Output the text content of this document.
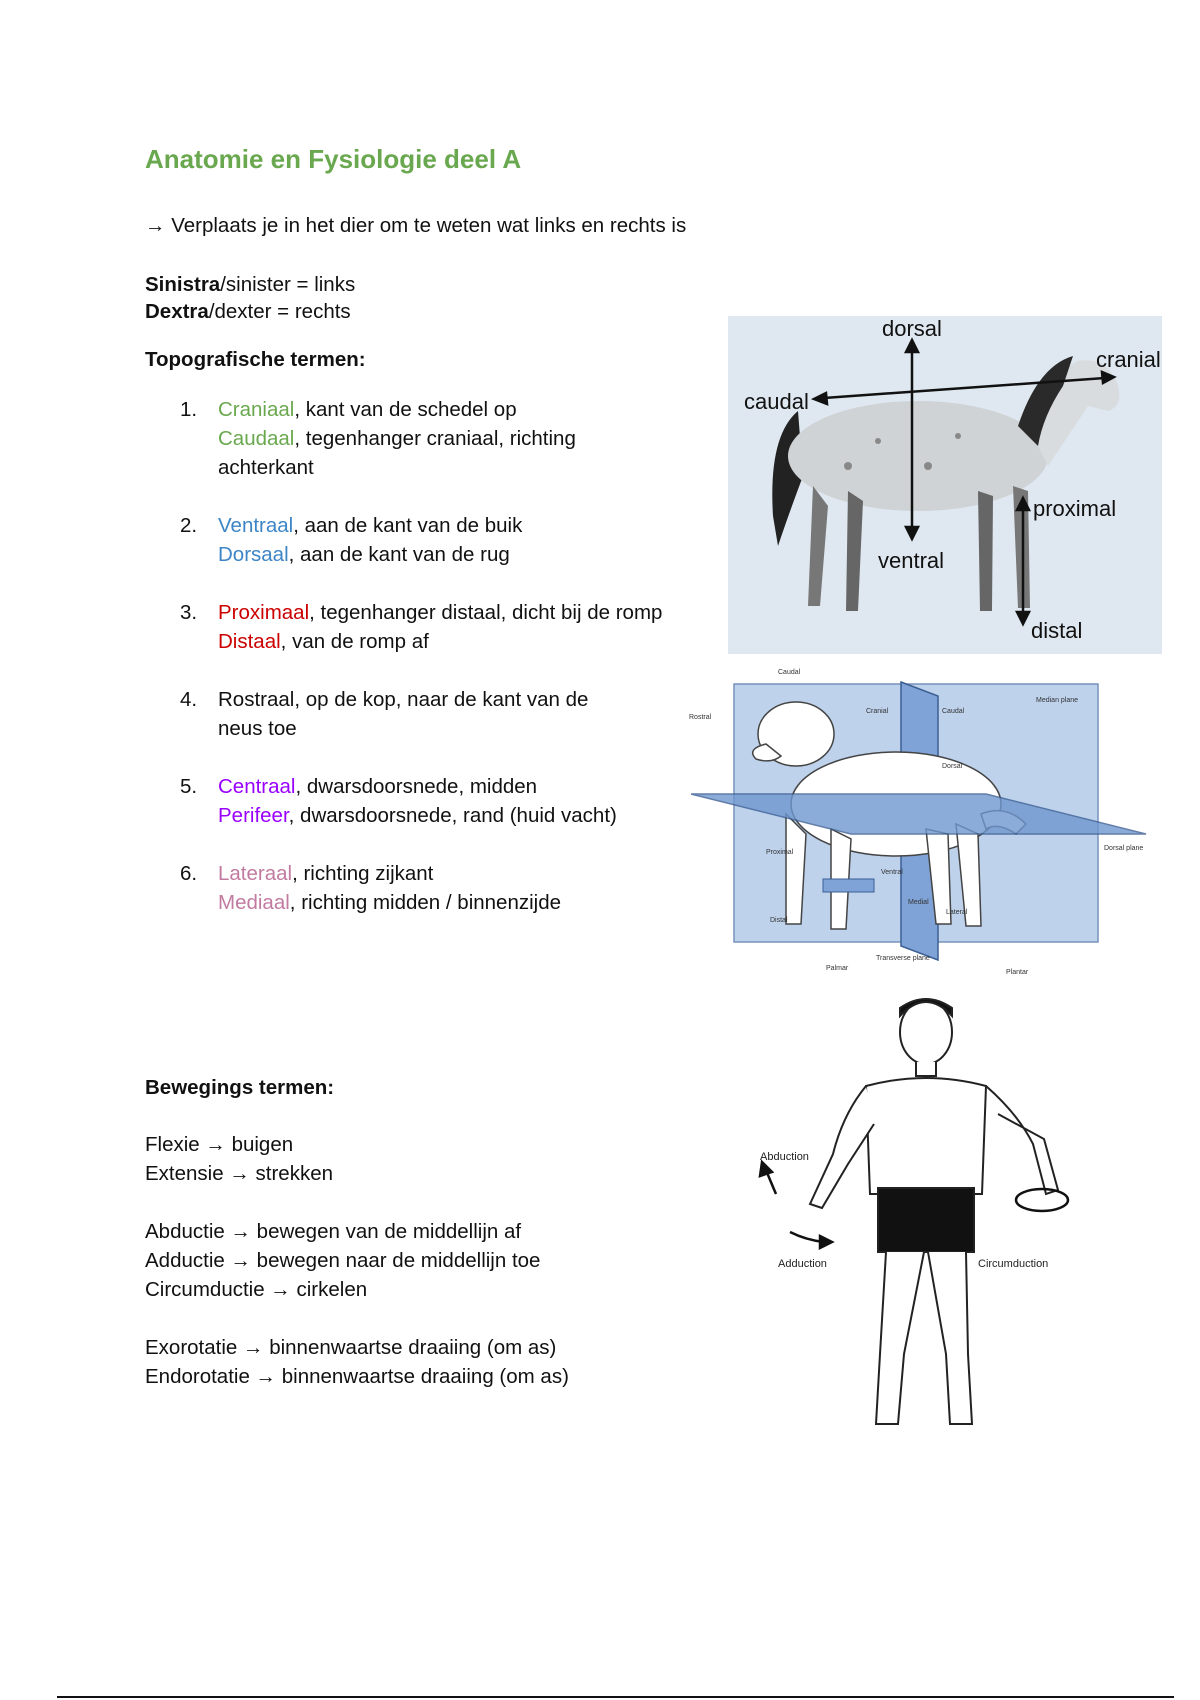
Anatomie en Fysiologie deel A
→ Verplaats je in het dier om te weten wat links en rechts is
Sinistra/sinister = links
Dextra/dexter = rechts
Topografische termen:
1. Craniaal, kant van de schedel op
Caudaal, tegenhanger craniaal, richting
achterkant
2. Ventraal, aan de kant van de buik
Dorsaal, aan de kant van de rug
3. Proximaal, tegenhanger distaal, dicht bij de romp
Distaal, van de romp af
4. Rostraal, op de kop, naar de kant van de
neus toe
5. Centraal, dwarsdoorsnede, midden
Perifeer, dwarsdoorsnede, rand (huid vacht)
6. Lateraal, richting zijkant
Mediaal, richting midden / binnenzijde
Bewegings termen:
Flexie → buigen
Extensie → strekken
Abductie → bewegen van de middellijn af
Adductie → bewegen naar de middellijn toe
Circumductie → cirkelen
Exorotatie → binnenwaartse draaiing (om as)
Endorotatie → binnenwaartse draaiing (om as)
dorsal
cranial
caudal
proximal
ventral
distal
Caudal
Rostral
Cranial	Caudal
Median plane
Dorsal
Dorsal plane
Proximal
Ventral
Medial
Lateral
Distal
Palmar
Transverse plane
Plantar
Abduction
Adduction	Circumduction
